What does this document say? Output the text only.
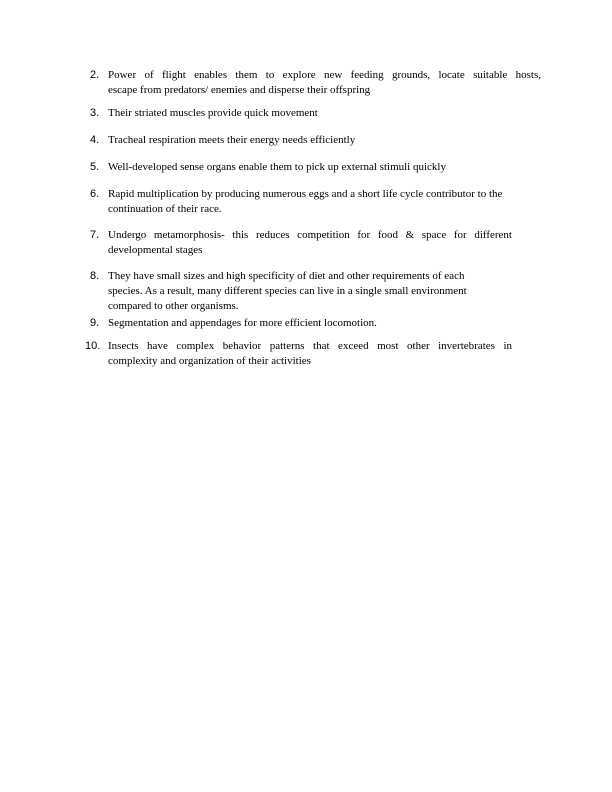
2. Power of flight enables them to explore new feeding grounds, locate suitable hosts,
escape from predators/ enemies and disperse their offspring
3. Their striated muscles provide quick movement
4. Tracheal respiration meets their energy needs efficiently
5. Well-developed sense organs enable them to pick up external stimuli quickly
6. Rapid multiplication by producing numerous eggs and a short life cycle contributor to the
continuation of their race.
7. Undergo metamorphosis- this reduces competition for food & space for different
developmental stages
8. They have small sizes and high specificity of diet and other requirements of each
species. As a result, many different species can live in a single small environment
compared to other organisms.
9. Segmentation and appendages for more efficient locomotion.
10. Insects have complex behavior patterns that exceed most other invertebrates in
complexity and organization of their activities
